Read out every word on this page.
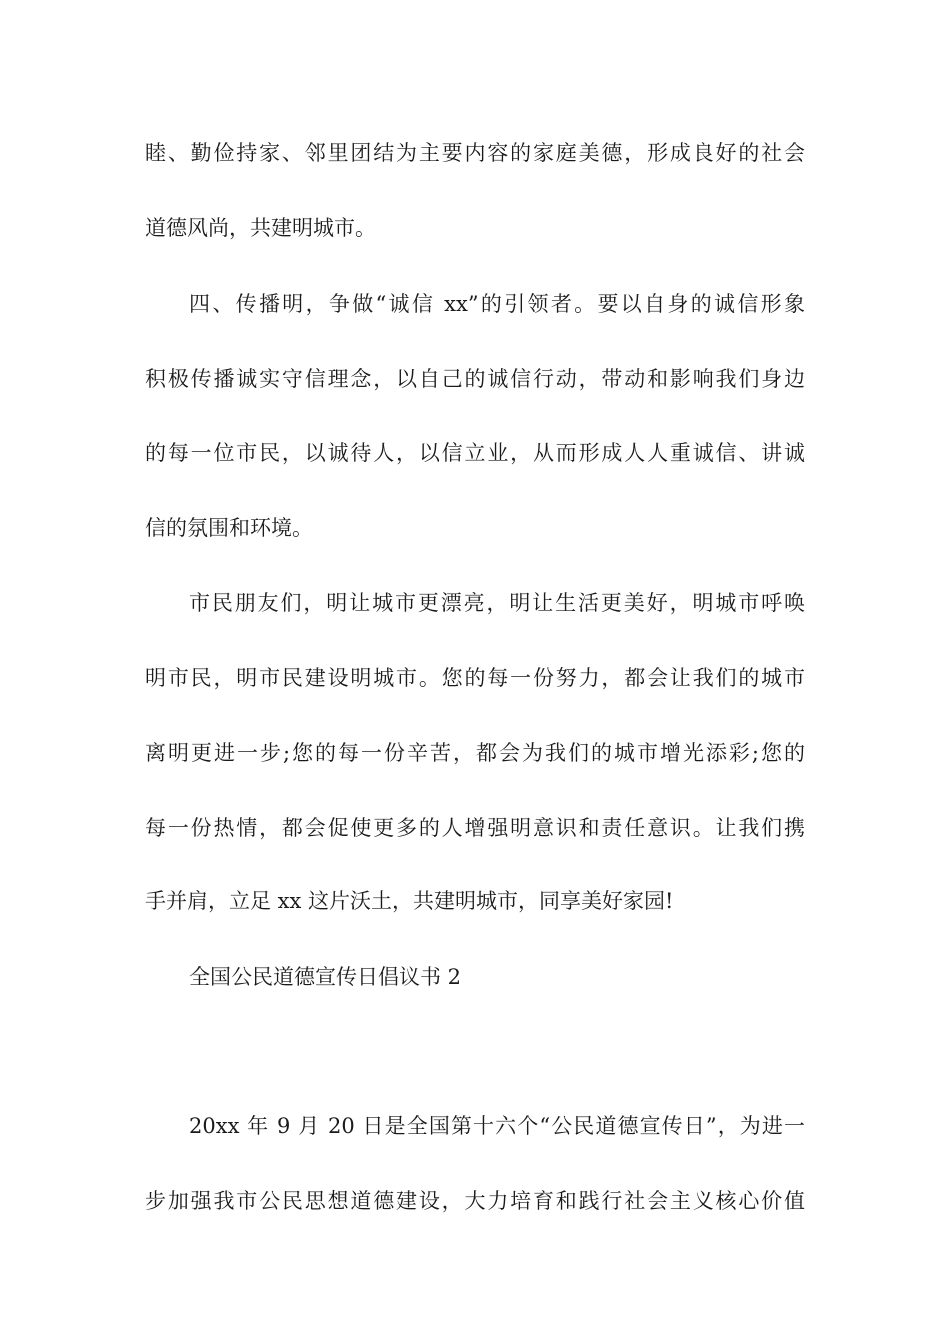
睦、勤俭持家、邻里团结为主要内容的家庭美德，形成良好的社会
道德风尚，共建明城市。
四、传播明，争做“诚信 xx”的引领者。要以自身的诚信形象
积极传播诚实守信理念，以自己的诚信行动，带动和影响我们身边
的每一位市民，以诚待人，以信立业，从而形成人人重诚信、讲诚
信的氛围和环境。
市民朋友们，明让城市更漂亮，明让生活更美好，明城市呼唤
明市民，明市民建设明城市。您的每一份努力，都会让我们的城市
离明更进一步;您的每一份辛苦，都会为我们的城市增光添彩;您的
每一份热情，都会促使更多的人增强明意识和责任意识。让我们携
手并肩，立足 xx 这片沃土，共建明城市，同享美好家园!
全国公民道德宣传日倡议书 2
20xx 年 9 月 20 日是全国第十六个“公民道德宣传日”，为进一
步加强我市公民思想道德建设，大力培育和践行社会主义核心价值
